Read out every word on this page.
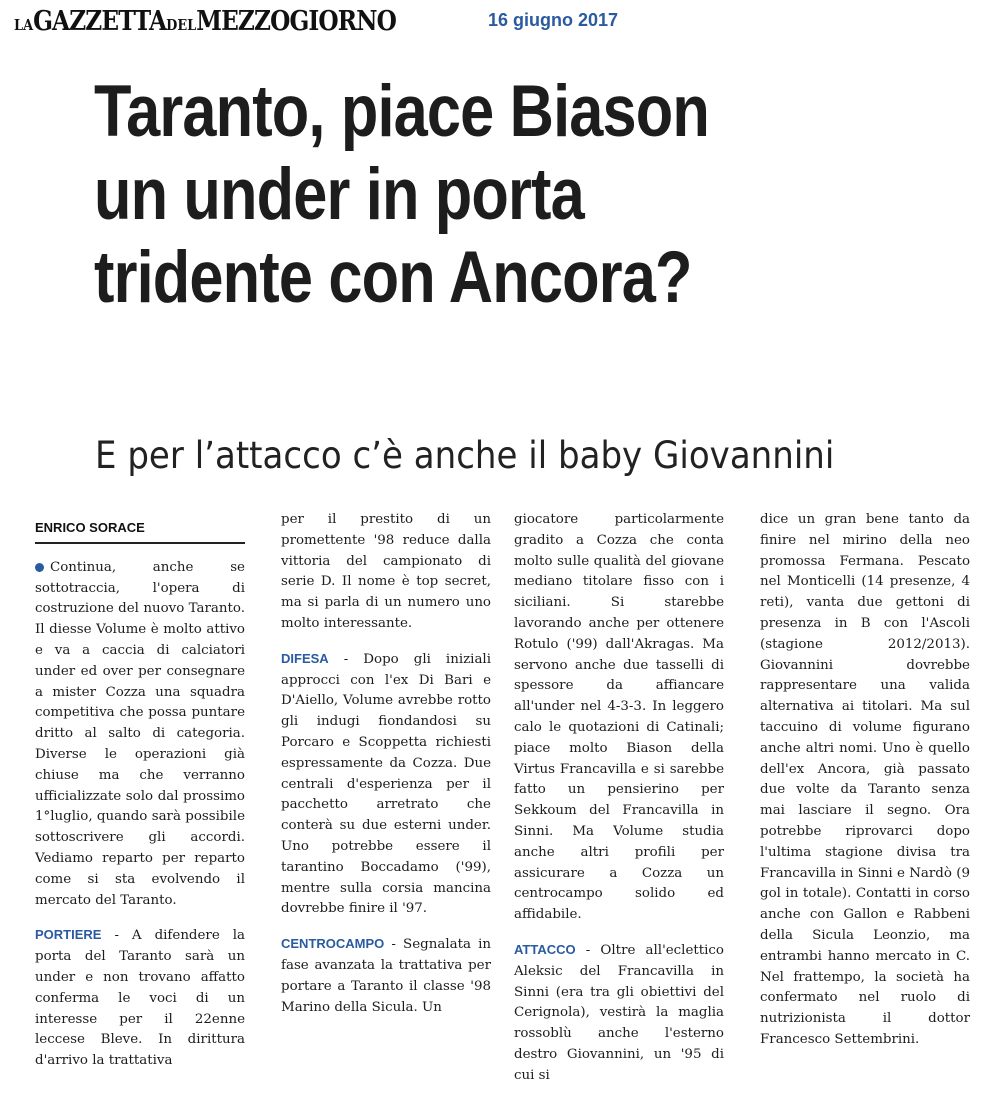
LAGAZZETTADELMEZZOGIORNO	16 giugno 2017
Taranto, piace Biason
un under in porta
tridente con Ancora?
E per l’attacco c’è anche il baby Giovannini
ENRICO SORACE

Continua, anche se sottotraccia, l'opera di costruzione del nuovo Taranto. Il diesse Volume è molto attivo e va a caccia di calciatori under ed over per consegnare a mister Cozza una squadra competitiva che possa puntare dritto al salto di categoria. Diverse le operazioni già chiuse ma che verranno ufficializzate solo dal prossimo 1°luglio, quando sarà possibile sottoscrivere gli accordi. Vediamo reparto per reparto come si sta evolvendo il mercato del Taranto.

PORTIERE - A difendere la porta del Taranto sarà un under e non trovano affatto conferma le voci di un interesse per il 22enne leccese Bleve. In dirittura d'arrivo la trattativa

per il prestito di un promettente '98 reduce dalla vittoria del campionato di serie D. Il nome è top secret, ma si parla di un numero uno molto interessante.

DIFESA - Dopo gli iniziali approcci con l'ex Di Bari e D'Aiello, Volume avrebbe rotto gli indugi fiondandosi su Porcaro e Scoppetta richiesti espressamente da Cozza. Due centrali d'esperienza per il pacchetto arretrato che conterà su due esterni under. Uno potrebbe essere il tarantino Boccadamo ('99), mentre sulla corsia mancina dovrebbe finire il '97.

CENTROCAMPO - Segnalata in fase avanzata la trattativa per portare a Taranto il classe '98 Marino della Sicula. Un

giocatore particolarmente gradito a Cozza che conta molto sulle qualità del giovane mediano titolare fisso con i siciliani. Si starebbe lavorando anche per ottenere Rotulo ('99) dall'Akragas. Ma servono anche due tasselli di spessore da affiancare all'under nel 4-3-3. In leggero calo le quotazioni di Catinali; piace molto Biason della Virtus Francavilla e si sarebbe fatto un pensierino per Sekkoum del Francavilla in Sinni. Ma Volume studia anche altri profili per assicurare a Cozza un centrocampo solido ed affidabile.

ATTACCO - Oltre all'eclettico Aleksic del Francavilla in Sinni (era tra gli obiettivi del Cerignola), vestirà la maglia rossoblù anche l'esterno destro Giovannini, un '95 di cui si

dice un gran bene tanto da finire nel mirino della neo promossa Fermana. Pescato nel Monticelli (14 presenze, 4 reti), vanta due gettoni di presenza in B con l'Ascoli (stagione 2012/2013). Giovannini dovrebbe rappresentare una valida alternativa ai titolari. Ma sul taccuino di volume figurano anche altri nomi. Uno è quello dell'ex Ancora, già passato due volte da Taranto senza mai lasciare il segno. Ora potrebbe riprovarci dopo l'ultima stagione divisa tra Francavilla in Sinni e Nardò (9 gol in totale). Contatti in corso anche con Gallon e Rabbeni della Sicula Leonzio, ma entrambi hanno mercato in C. Nel frattempo, la società ha confermato nel ruolo di nutrizionista il dottor Francesco Settembrini.
